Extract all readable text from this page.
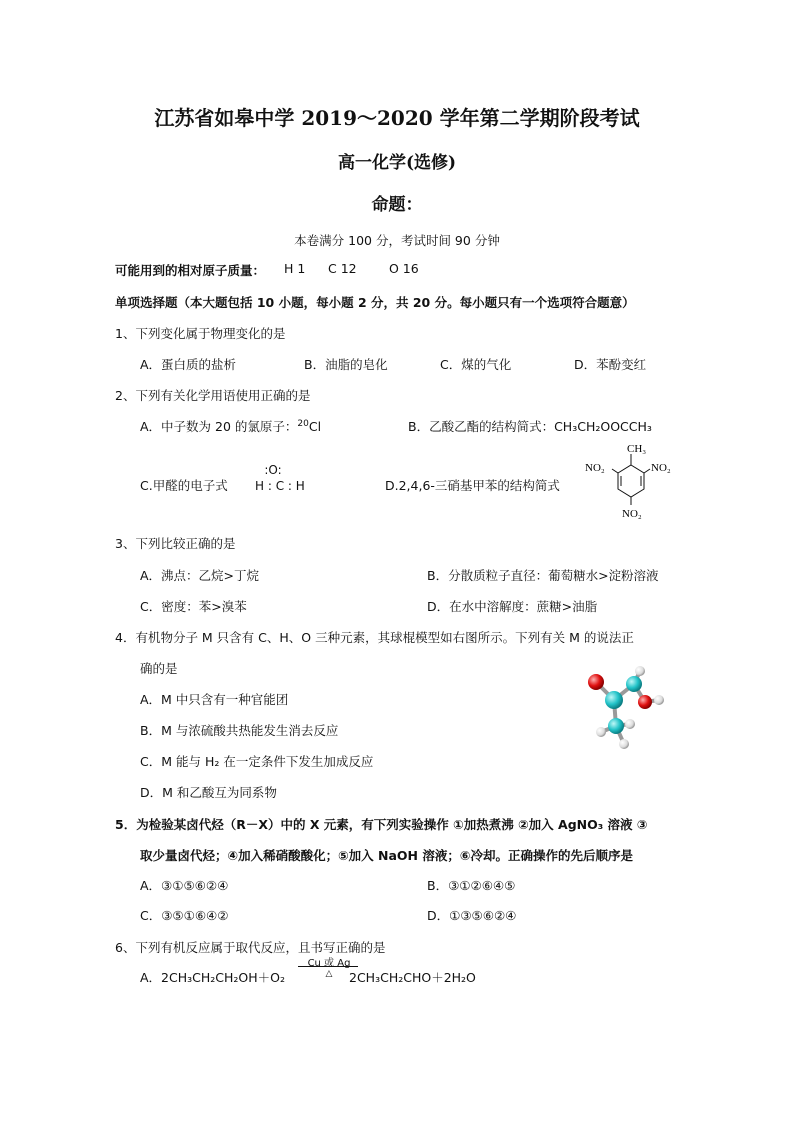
江苏省如皋中学 2019～2020 学年第二学期阶段考试
高一化学(选修)
命题：
本卷满分 100 分，考试时间 90 分钟
可能用到的相对原子质量： H 1 C 12	O 16
单项选择题（本大题包括 10 小题，每小题 2 分，共 20 分。每小题只有一个选项符合题意）
1、下列变化属于物理变化的是
A．蛋白质的盐析	B．油脂的皂化	C．煤的气化	D．苯酚变红
2、下列有关化学用语使用正确的是
A．中子数为 20 的氯原子：$^{20}$Cl	B．乙酸乙酯的结构简式：CH₃CH₂OOCCH₃
C.甲醛的电子式
:O:
H : C : H	D.2,4,6-三硝基甲苯的结构简式
CH₃
NO₂	NO₂
NO₂
3、下列比较正确的是
A．沸点：乙烷>丁烷	B．分散质粒子直径：葡萄糖水>淀粉溶液
C．密度：苯>溴苯	D．在水中溶解度：蔗糖>油脂
4．有机物分子 M 只含有 C、H、O 三种元素，其球棍模型如右图所示。下列有关 M 的说法正
确的是
A．M 中只含有一种官能团
B．M 与浓硫酸共热能发生消去反应
C．M 能与 H₂ 在一定条件下发生加成反应
D．M 和乙酸互为同系物
5．为检验某卤代烃（R－X）中的 X 元素，有下列实验操作 ①加热煮沸 ②加入 AgNO₃ 溶液 ③
取少量卤代烃；④加入稀硝酸酸化；⑤加入 NaOH 溶液；⑥冷却。正确操作的先后顺序是
A．③①⑤⑥②④	B．③①②⑥④⑤
C．③⑤①⑥④②	D．①③⑤⑥②④
6、下列有机反应属于取代反应，且书写正确的是
A．2CH₃CH₂CH₂OH＋O₂
Cu 或 Ag
△	2CH₃CH₂CHO＋2H₂O
